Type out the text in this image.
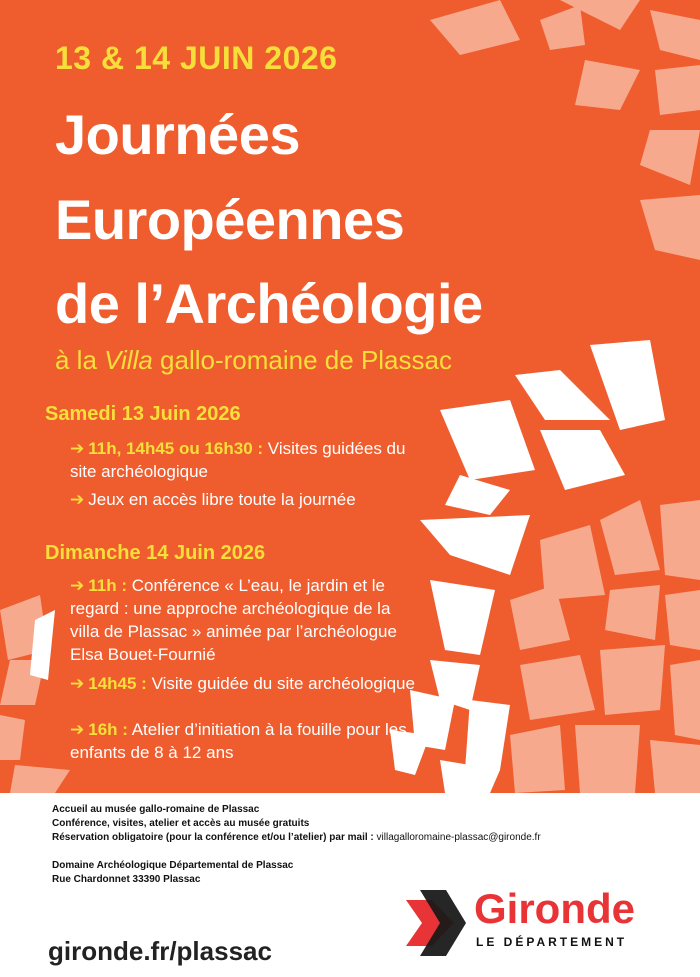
13 & 14 JUIN 2026

Journées

Européennes

de l’Archéologie

à la Villa gallo-romaine de Plassac

Samedi 13 Juin 2026

➔ 11h, 14h45 ou 16h30 : Visites guidées du site archéologique

➔ Jeux en accès libre toute la journée

Dimanche 14 Juin 2026

➔ 11h : Conférence « L’eau, le jardin et le regard : une approche archéologique de la villa de Plassac » animée par l’archéologue Elsa Bouet-Fournié

➔ 14h45 : Visite guidée du site archéologique

➔ 16h : Atelier d’initiation à la fouille pour les enfants de 8 à 12 ans

Accueil au musée gallo-romaine de Plassac
Conférence, visites, atelier et accès au musée gratuits
Réservation obligatoire (pour la conférence et/ou l’atelier) par mail : villagalloromaine-plassac@gironde.fr
Domaine Archéologique Départemental de Plassac
Rue Chardonnet 33390 Plassac
gironde.fr/plassac
Gironde
LE DÉPARTEMENT
